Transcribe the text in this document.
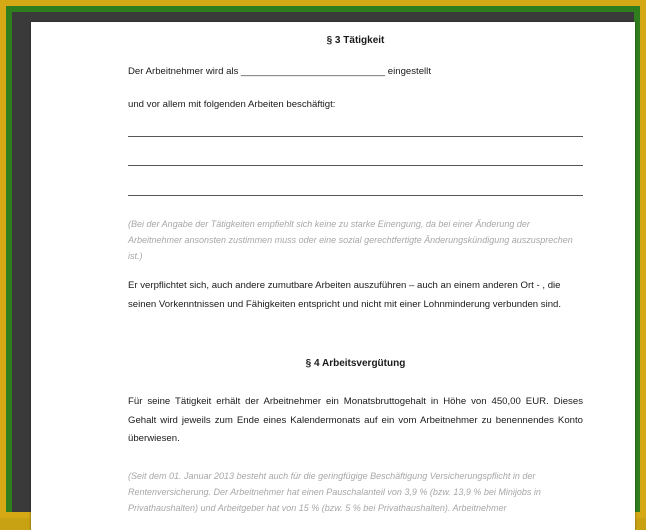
§ 3 Tätigkeit
Der Arbeitnehmer wird als ___________________________ eingestellt
und vor allem mit folgenden Arbeiten beschäftigt:
(Bei der Angabe der Tätigkeiten empfiehlt sich keine zu starke Einengung, da bei einer Änderung der Arbeitnehmer ansonsten zustimmen muss oder eine sozial gerechtfertigte Änderungskündigung auszusprechen ist.)
Er verpflichtet sich, auch andere zumutbare Arbeiten auszuführen – auch an einem anderen Ort - , die seinen Vorkenntnissen und Fähigkeiten entspricht und nicht mit einer Lohnminderung verbunden sind.
§ 4 Arbeitsvergütung
Für seine Tätigkeit erhält der Arbeitnehmer ein Monatsbruttogehalt in Höhe von 450,00 EUR. Dieses Gehalt wird jeweils zum Ende eines Kalendermonats auf ein vom Arbeitnehmer zu benennendes Konto überwiesen.
(Seit dem 01. Januar 2013 besteht auch für die geringfügige Beschäftigung Versicherungspflicht in der Rentenversicherung. Der Arbeitnehmer hat einen Pauschalanteil von 3,9 % (bzw. 13,9 % bei Minijobs in Privathaushalten) und Arbeitgeber hat von 15 % (bzw. 5 % bei Privathaushalten). Arbeitnehmer
